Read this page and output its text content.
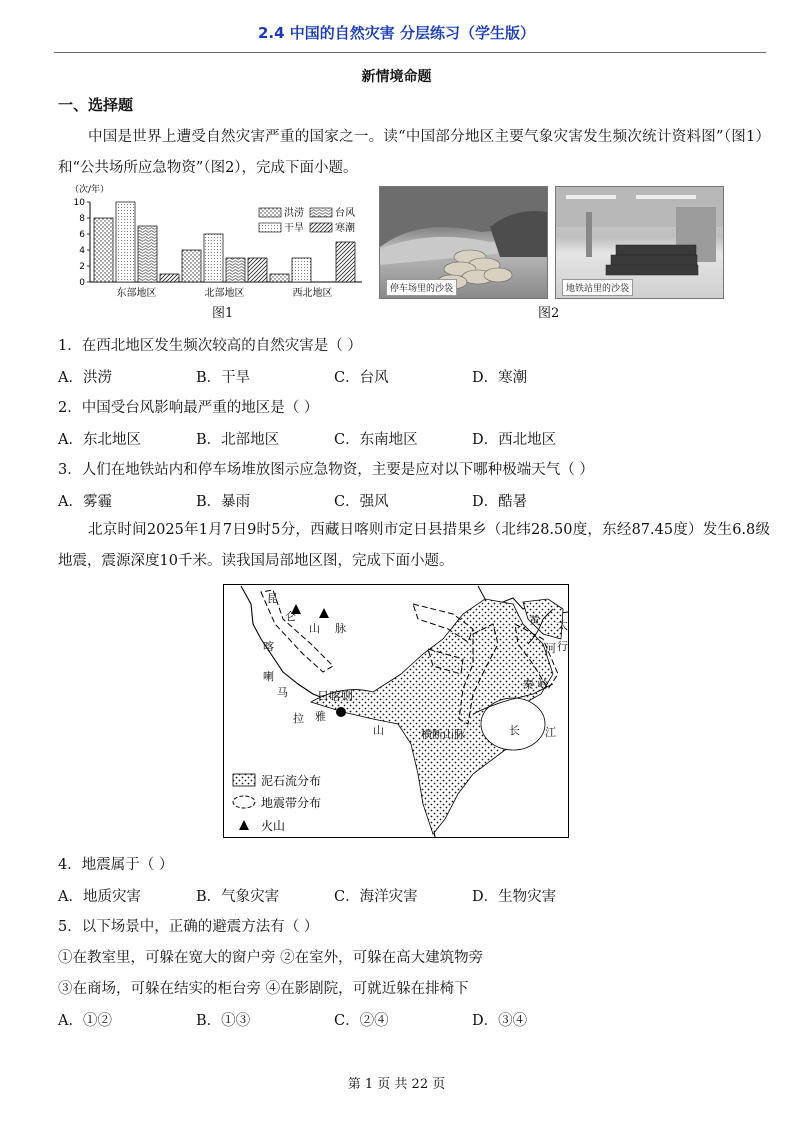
2.4 中国的自然灾害 分层练习（学生版）
新情境命题
一、选择题
中国是世界上遭受自然灾害严重的国家之一。读“中国部分地区主要气象灾害发生频次统计资料图”（图1）和“公共场所应急物资”（图2），完成下面小题。
（次/年）
0
2
4
6
8
10
东部地区	北部地区	西北地区
洪涝	台风
干旱	寒潮
图1
停车场里的沙袋	地铁站里的沙袋
图2
1．在西北地区发生频次较高的自然灾害是（ ）
A．洪涝	B．干旱	C．台风	D．寒潮
2．中国受台风影响最严重的地区是（ ）
A．东北地区	B．北部地区	C．东南地区	D．西北地区
3．人们在地铁站内和停车场堆放图示应急物资，主要是应对以下哪种极端天气（ ）
A．雾霾	B．暴雨	C．强风	D．酷暑
北京时间2025年1月7日9时5分，西藏日喀则市定日县措果乡（北纬28.50度，东经87.45度）发生6.8级地震，震源深度10千米。读我国局部地区图，完成下面小题。
昆
仑
山 脉
喀
喇
马
拉 雅
山
日喀则
横断山脉
黄
河
太
行
秦 岭
长 江
泥石流分布
地震带分布
火山
4．地震属于（ ）
A．地质灾害	B．气象灾害	C．海洋灾害	D．生物灾害
5．以下场景中，正确的避震方法有（ ）
①在教室里，可躲在宽大的窗户旁 ②在室外，可躲在高大建筑物旁
③在商场，可躲在结实的柜台旁 ④在影剧院，可就近躲在排椅下
A．①②	B．①③	C．②④	D．③④
第 1 页 共 22 页
